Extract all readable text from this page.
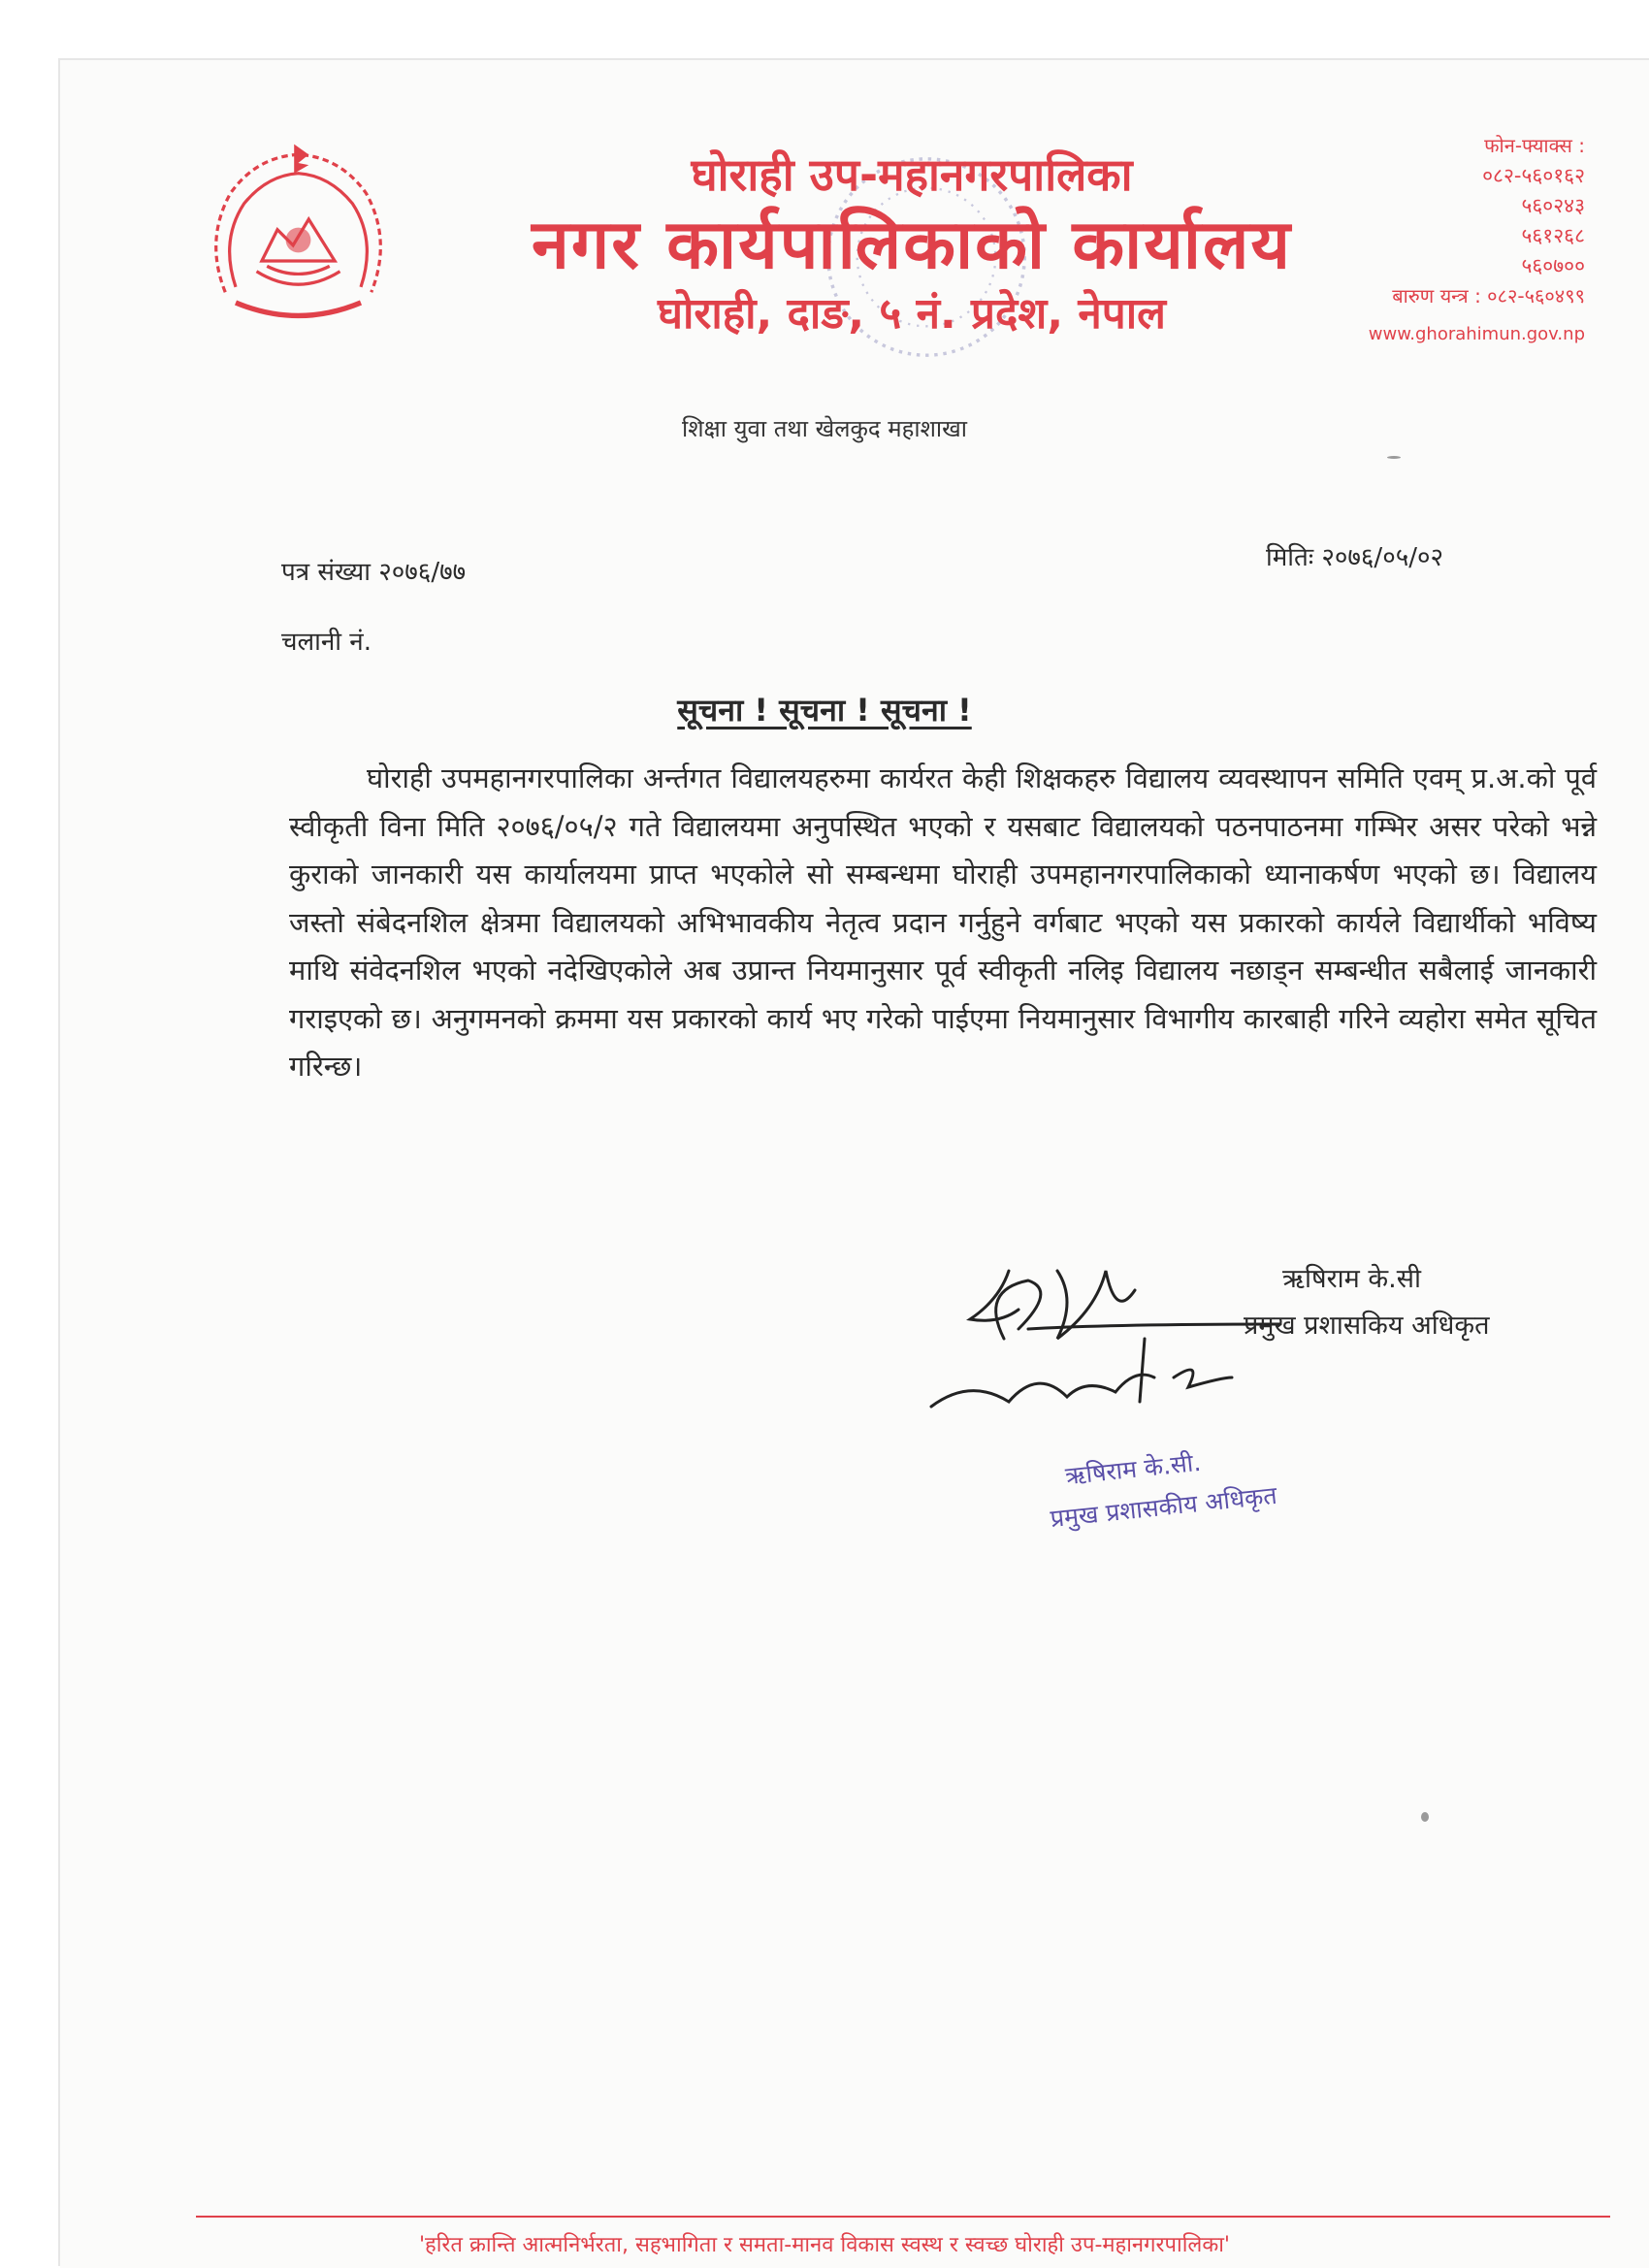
घोराही उप-महानगरपालिका
नगर कार्यपालिकाको कार्यालय
घोराही, दाङ, ५ नं. प्रदेश, नेपाल
फोन-फ्याक्स :
०८२-५६०१६२
५६०२४३
५६१२६८
५६०७००
बारुण यन्त्र : ०८२-५६०४९९
www.ghorahimun.gov.np
शिक्षा युवा तथा खेलकुद महाशाखा
पत्र संख्या २०७६/७७	मितिः २०७६/०५/०२
चलानी नं.
सूचना ! सूचना ! सूचना !
घोराही उपमहानगरपालिका अर्न्तगत विद्यालयहरुमा कार्यरत केही शिक्षकहरु विद्यालय व्यवस्थापन समिति एवम् प्र.अ.को पूर्व स्वीकृती विना मिति २०७६/०५/२ गते विद्यालयमा अनुपस्थित भएको र यसबाट विद्यालयको पठनपाठनमा गम्भिर असर परेको भन्ने कुराको जानकारी यस कार्यालयमा प्राप्त भएकोले सो सम्बन्धमा घोराही उपमहानगरपालिकाको ध्यानाकर्षण भएको छ। विद्यालय जस्तो संबेदनशिल क्षेत्रमा विद्यालयको अभिभावकीय नेतृत्व प्रदान गर्नुहुने वर्गबाट भएको यस प्रकारको कार्यले विद्यार्थीको भविष्य माथि संवेदनशिल भएको नदेखिएकोले अब उप्रान्त नियमानुसार पूर्व स्वीकृती नलिइ विद्यालय नछाड्न सम्बन्धीत सबैलाई जानकारी गराइएको छ। अनुगमनको क्रममा यस प्रकारको कार्य भए गरेको पाईएमा नियमानुसार विभागीय कारबाही गरिने व्यहोरा समेत सूचित गरिन्छ।
ऋषिराम के.सी
प्रमुख प्रशासकिय अधिकृत
ऋषिराम के.सी.
प्रमुख प्रशासकीय अधिकृत
'हरित क्रान्ति आत्मनिर्भरता, सहभागिता र समता-मानव विकास स्वस्थ र स्वच्छ घोराही उप-महानगरपालिका'
